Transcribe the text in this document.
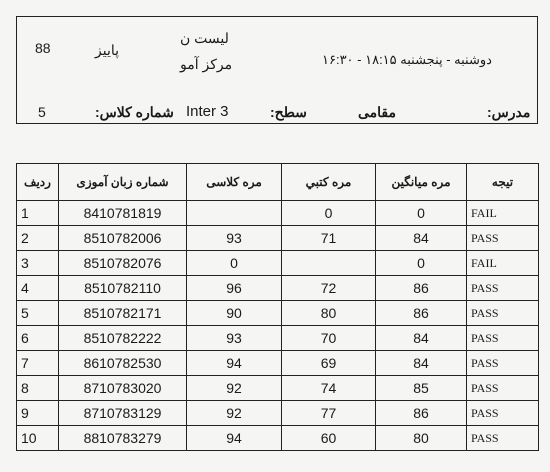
88	پاییز
لیست ن
مرکز آمو	دوشنبه - پنجشنبه ۱۸:۱۵ - ۱۶:۳۰
5	شماره کلاس: Inter 3	سطح:	مقامی	مدرس:
تيجه	مره میانگین	مره کتبي	مره کلاسی	شماره زبان آموزی	ردیف
FAIL	0	0		8410781819	1
PASS	84	71	93	8510782006	2
FAIL	0		0	8510782076	3
PASS	86	72	96	8510782110	4
PASS	86	80	90	8510782171	5
PASS	84	70	93	8510782222	6
PASS	84	69	94	8610782530	7
PASS	85	74	92	8710783020	8
PASS	86	77	92	8710783129	9
PASS	80	60	94	8810783279	10
